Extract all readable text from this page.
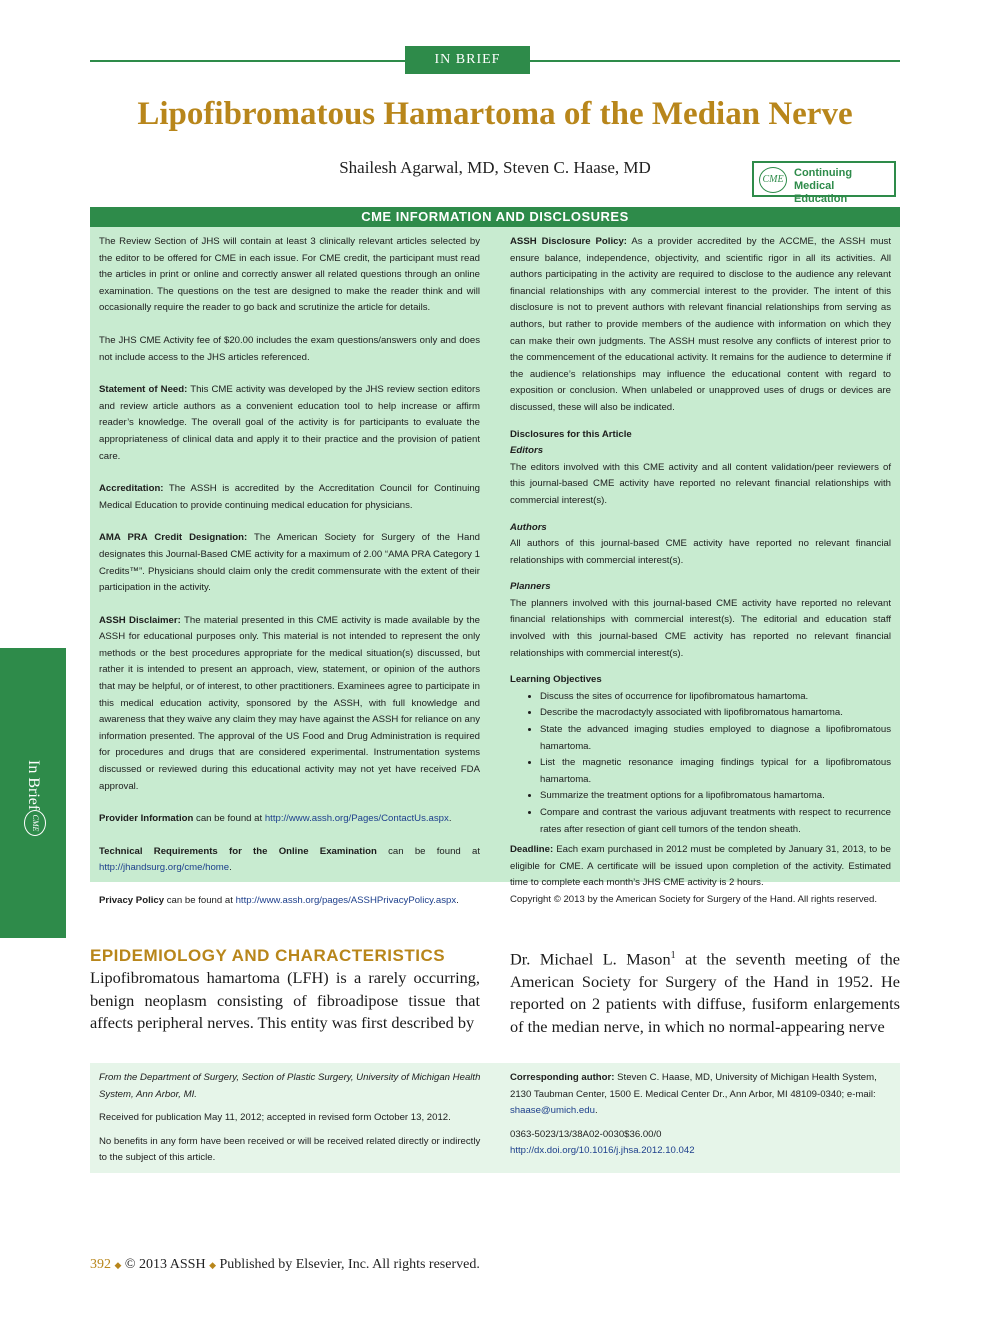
IN BRIEF
Lipofibromatous Hamartoma of the Median Nerve
Shailesh Agarwal, MD, Steven C. Haase, MD
CME
Continuing Medical
Education
CME INFORMATION AND DISCLOSURES

The Review Section of JHS will contain at least 3 clinically relevant articles selected by the editor to be offered for CME in each issue. For CME credit, the participant must read the articles in print or online and correctly answer all related questions through an online examination. The questions on the test are designed to make the reader think and will occasionally require the reader to go back and scrutinize the article for details.

The JHS CME Activity fee of $20.00 includes the exam questions/answers only and does not include access to the JHS articles referenced.

Statement of Need: This CME activity was developed by the JHS review section editors and review article authors as a convenient education tool to help increase or affirm reader’s knowledge. The overall goal of the activity is for participants to evaluate the appropriateness of clinical data and apply it to their practice and the provision of patient care.

Accreditation: The ASSH is accredited by the Accreditation Council for Continuing Medical Education to provide continuing medical education for physicians.

AMA PRA Credit Designation: The American Society for Surgery of the Hand designates this Journal-Based CME activity for a maximum of 2.00 “AMA PRA Category 1 Credits™”. Physicians should claim only the credit commensurate with the extent of their participation in the activity.

ASSH Disclaimer: The material presented in this CME activity is made available by the ASSH for educational purposes only. This material is not intended to represent the only methods or the best procedures appropriate for the medical situation(s) discussed, but rather it is intended to present an approach, view, statement, or opinion of the authors that may be helpful, or of interest, to other practitioners. Examinees agree to participate in this medical education activity, sponsored by the ASSH, with full knowledge and awareness that they waive any claim they may have against the ASSH for reliance on any information presented. The approval of the US Food and Drug Administration is required for procedures and drugs that are considered experimental. Instrumentation systems discussed or reviewed during this educational activity may not yet have received FDA approval.

Provider Information can be found at http://www.assh.org/Pages/ContactUs.aspx.

Technical Requirements for the Online Examination can be found at http://jhandsurg.org/cme/home.

Privacy Policy can be found at http://www.assh.org/pages/ASSHPrivacyPolicy.aspx.

ASSH Disclosure Policy: As a provider accredited by the ACCME, the ASSH must ensure balance, independence, objectivity, and scientific rigor in all its activities. All authors participating in the activity are required to disclose to the audience any relevant financial relationships with any commercial interest to the provider. The intent of this disclosure is not to prevent authors with relevant financial relationships from serving as authors, but rather to provide members of the audience with information on which they can make their own judgments. The ASSH must resolve any conflicts of interest prior to the commencement of the educational activity. It remains for the audience to determine if the audience’s relationships may influence the educational content with regard to exposition or conclusion. When unlabeled or unapproved uses of drugs or devices are discussed, these will also be indicated.

Disclosures for this Article

Editors

The editors involved with this CME activity and all content validation/peer reviewers of this journal-based CME activity have reported no relevant financial relationships with commercial interest(s).

Authors

All authors of this journal-based CME activity have reported no relevant financial relationships with commercial interest(s).

Planners

The planners involved with this journal-based CME activity have reported no relevant financial relationships with commercial interest(s). The editorial and education staff involved with this journal-based CME activity has reported no relevant financial relationships with commercial interest(s).

Learning Objectives

• Discuss the sites of occurrence for lipofibromatous hamartoma.
• Describe the macrodactyly associated with lipofibromatous hamartoma.
• State the advanced imaging studies employed to diagnose a lipofibromatous hamartoma.
• List the magnetic resonance imaging findings typical for a lipofibromatous hamartoma.
• Summarize the treatment options for a lipofibromatous hamartoma.
• Compare and contrast the various adjuvant treatments with respect to recurrence rates after resection of giant cell tumors of the tendon sheath.

Deadline: Each exam purchased in 2012 must be completed by January 31, 2013, to be eligible for CME. A certificate will be issued upon completion of the activity. Estimated time to complete each month’s JHS CME activity is 2 hours.

Copyright © 2013 by the American Society for Surgery of the Hand. All rights reserved.

In Brief
CME
EPIDEMIOLOGY AND CHARACTERISTICS
Lipofibromatous hamartoma (LFH) is a rarely occurring, benign neoplasm consisting of fibroadipose tissue that affects peripheral nerves. This entity was first described by
Dr. Michael L. Mason$^1$ at the seventh meeting of the American Society for Surgery of the Hand in 1952. He reported on 2 patients with diffuse, fusiform enlargements of the median nerve, in which no normal-appearing nerve

From the Department of Surgery, Section of Plastic Surgery, University of Michigan Health System, Ann Arbor, MI.

Received for publication May 11, 2012; accepted in revised form October 13, 2012.

No benefits in any form have been received or will be received related directly or indirectly to the subject of this article.

Corresponding author: Steven C. Haase, MD, University of Michigan Health System, 2130 Taubman Center, 1500 E. Medical Center Dr., Ann Arbor, MI 48109-0340; e-mail: shaase@umich.edu.

0363-5023/13/38A02-0030$36.00/0

http://dx.doi.org/10.1016/j.jhsa.2012.10.042

392 ◆ © 2013 ASSH ◆ Published by Elsevier, Inc. All rights reserved.
